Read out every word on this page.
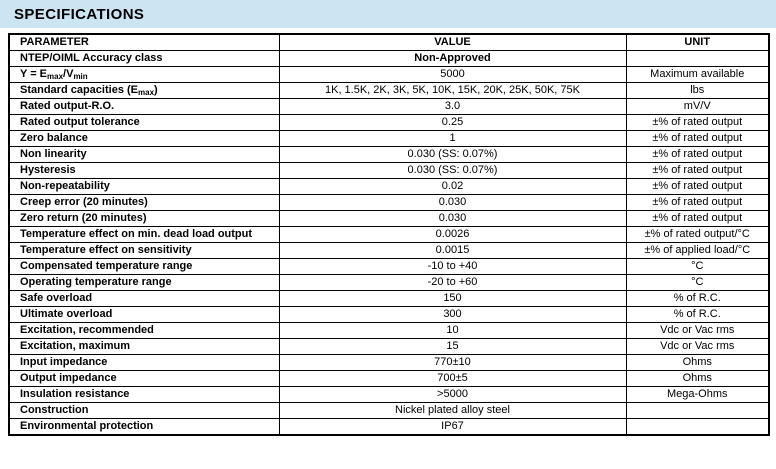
SPECIFICATIONS
PARAMETER	VALUE	UNIT
NTEP/OIML Accuracy class	Non-Approved	
$Y = E_{max}/V_{min}$	5000	Maximum available
Standard capacities $(E_{max})$	1K, 1.5K, 2K, 3K, 5K, 10K, 15K, 20K, 25K, 50K, 75K	lbs
Rated output-R.O.	3.0	mV/V
Rated output tolerance	0.25	±% of rated output
Zero balance	1	±% of rated output
Non linearity	0.030 (SS: 0.07%)	±% of rated output
Hysteresis	0.030 (SS: 0.07%)	±% of rated output
Non-repeatability	0.02	±% of rated output
Creep error (20 minutes)	0.030	±% of rated output
Zero return (20 minutes)	0.030	±% of rated output
Temperature effect on min. dead load output	0.0026	±% of rated output/°C
Temperature effect on sensitivity	0.0015	±% of applied load/°C
Compensated temperature range	-10 to +40	°C
Operating temperature range	-20 to +60	°C
Safe overload	150	% of R.C.
Ultimate overload	300	% of R.C.
Excitation, recommended	10	Vdc or Vac rms
Excitation, maximum	15	Vdc or Vac rms
Input impedance	770±10	Ohms
Output impedance	700±5	Ohms
Insulation resistance	>5000	Mega-Ohms
Construction	Nickel plated alloy steel	
Environmental protection	IP67	
